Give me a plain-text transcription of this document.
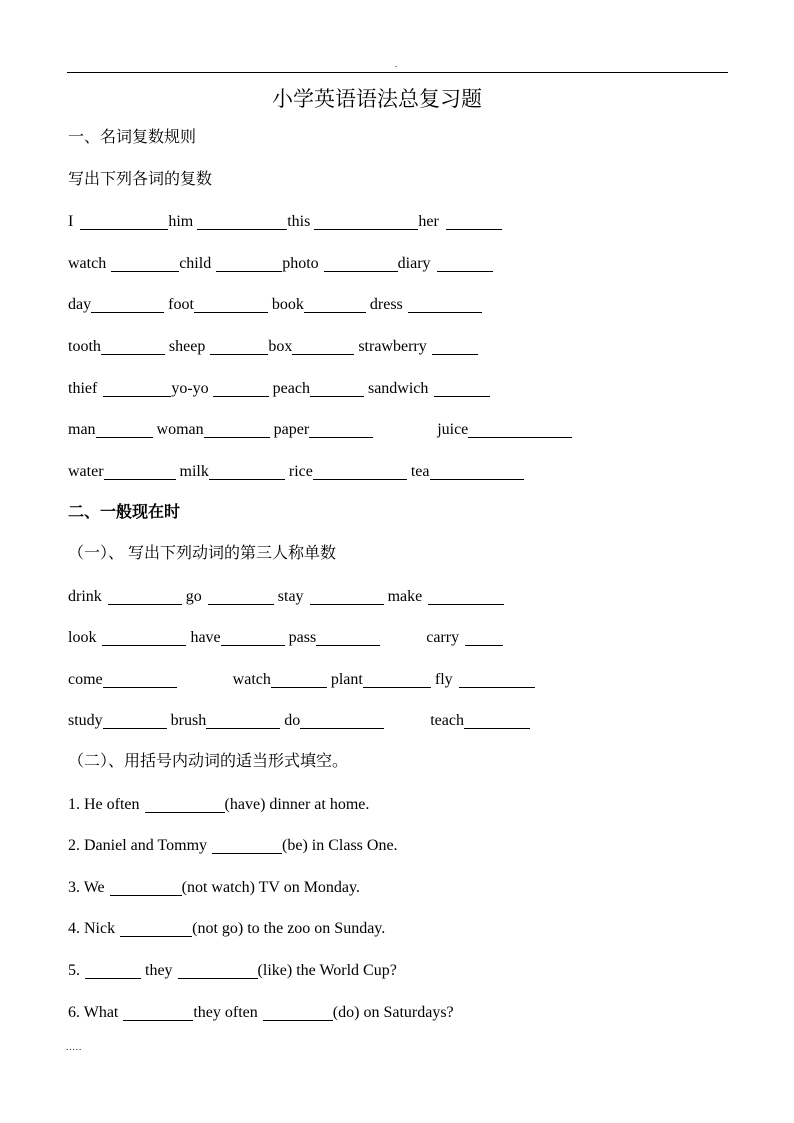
.
小学英语语法总复习题
一、名词复数规则
写出下列各词的复数
I	him	this	her
watch	child	photo	diary
day	foot	book	dress
tooth	sheep	box	strawberry
thief	yo-yo	peach	sandwich
man	woman	paper	juice
water	milk	rice	tea
二、一般现在时
（一）、 写出下列动词的第三人称单数
drink	go	stay	make
look	have	pass	carry
come	watch	plant	fly
study	brush	do	teach
（二）、用括号内动词的适当形式填空。
1. He often	(have) dinner at home.
2. Daniel and Tommy	(be) in Class One.
3. We	(not watch) TV on Monday.
4. Nick	(not go) to the zoo on Sunday.
5.	they	(like) the World Cup?
6. What	they often	(do) on Saturdays?
.....
